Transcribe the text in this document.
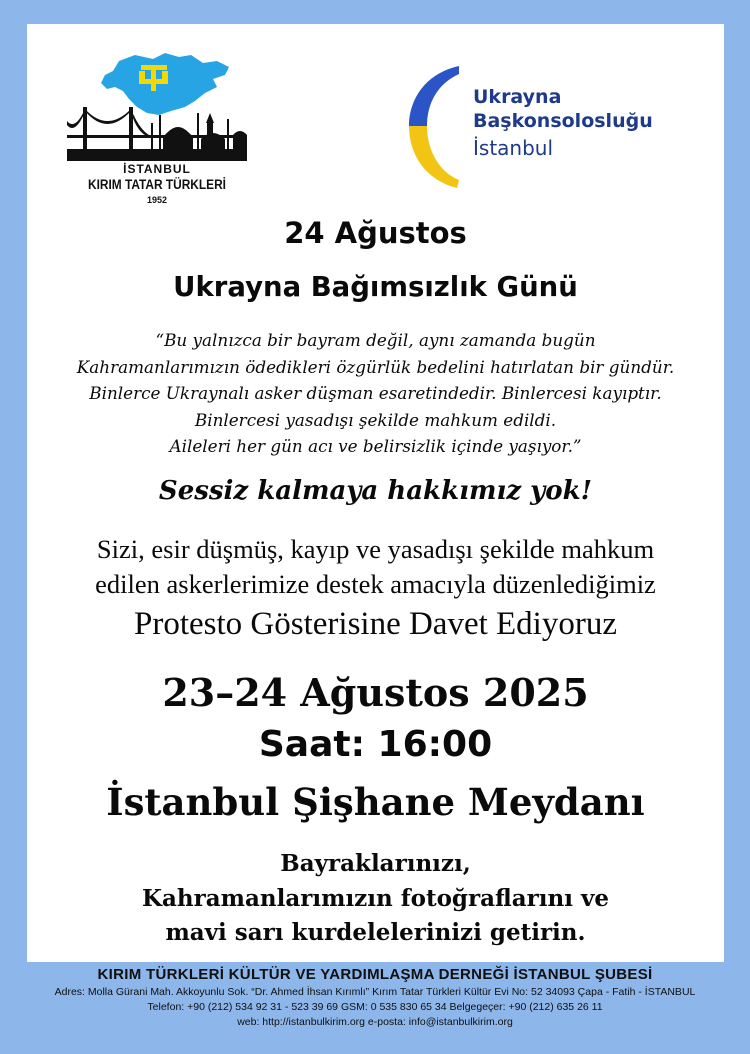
İSTANBUL
KIRIM TATAR TÜRKLERİ
1952
Ukrayna
Başkonsolosluğu
İstanbul
24 Ağustos
Ukrayna Bağımsızlık Günü
“Bu yalnızca bir bayram değil, aynı zamanda bugün
Kahramanlarımızın ödedikleri özgürlük bedelini hatırlatan bir gündür.
Binlerce Ukraynalı asker düşman esaretindedir. Binlercesi kayıptır.
Binlercesi yasadışı şekilde mahkum edildi.
Aileleri her gün acı ve belirsizlik içinde yaşıyor.”
Sessiz kalmaya hakkımız yok!
Sizi, esir düşmüş, kayıp ve yasadışı şekilde mahkum
edilen askerlerimize destek amacıyla düzenlediğimiz
Protesto Gösterisine Davet Ediyoruz
23–24 Ağustos 2025
Saat: 16:00
İstanbul Şişhane Meydanı
Bayraklarınızı,
Kahramanlarımızın fotoğraflarını ve
mavi sarı kurdelelerinizi getirin.
KIRIM TÜRKLERİ KÜLTÜR VE YARDIMLAŞMA DERNEĞİ İSTANBUL ŞUBESİ
Adres: Molla Gürani Mah. Akkoyunlu Sok. “Dr. Ahmed İhsan Kırımlı” Kırım Tatar Türkleri Kültür Evi No: 52 34093 Çapa - Fatih - İSTANBUL
Telefon: +90 (212) 534 92 31 - 523 39 69 GSM: 0 535 830 65 34 Belgegeçer: +90 (212) 635 26 11
web: http://istanbulkirim.org e-posta: info@istanbulkirim.org
